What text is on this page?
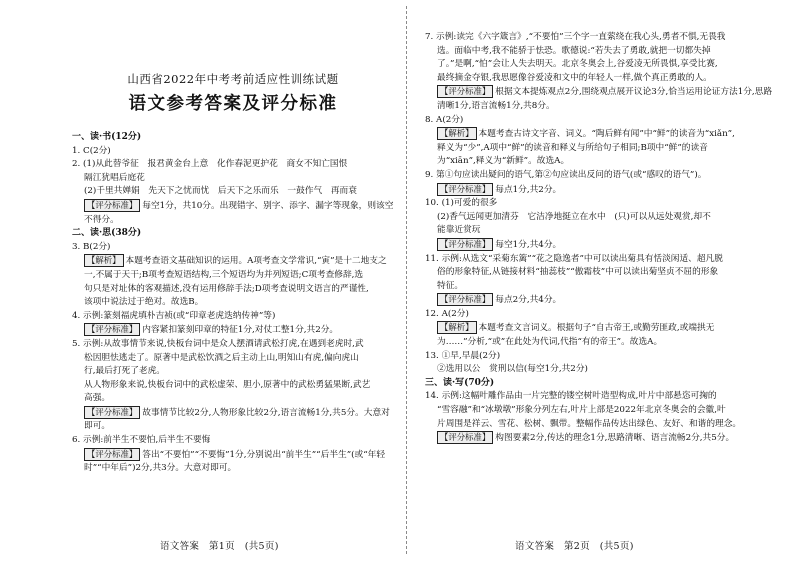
山西省2022年中考考前适应性训练试题
语文参考答案及评分标准
一、读·书(12分)
1. C(2分)
2. (1)从此替爷征　报君黄金台上意　化作春泥更护花　商女不知亡国恨
隔江犹唱后庭花
(2)千里共婵娟　先天下之忧而忧　后天下之乐而乐　一鼓作气　再而衰
【评分标准】 每空1分，共10分。出现错字、别字、添字、漏字等现象，则该空不得分。
二、读·思(38分)
3. B(2分)
【解析】 本题考查语文基础知识的运用。A项考查文学常识,“寅”是十二地支之
一,不属于天干;B项考查短语结构,三个短语均为并列短语;C项考查修辞,选
句只是对址体的客观描述,没有运用修辞手法;D项考查说明文语言的严谨性,
该项中说法过于绝对。故选B。
4. 示例:篆刻福虎填朴吉祯(或“印章老虎迭纳传神”等)
【评分标准】 内容紧扣篆刻印章的特征1分,对仗工整1分,共2分。
5. 示例:从故事情节来说,快板台词中是众人摆酒请武松打虎,在遇到老虎时,武
松因胆怯逃走了。原著中是武松饮酒之后主动上山,明知山有虎,偏向虎山
行,最后打死了老虎。
从人物形象来说,快板台词中的武松虚荣、胆小,原著中的武松勇猛果断,武艺
高强。
【评分标准】 故事情节比较2分,人物形象比较2分,语言流畅1分,共5分。大意对即可。
6. 示例:前半生不要怕,后半生不要悔
【评分标准】 答出“不要怕”“不要悔”1分,分别说出“前半生”“后半生”(或“年轻
时”“中年后”)2分,共3分。大意对即可。
语文答案　第1页　(共5页)
7. 示例:读完《六字箴言》,“不要怕”三个字一直萦绕在我心头,勇者不惧,无畏我
选。面临中考,我不能骄于怯恐。歌德说:“若失去了勇敢,就把一切都失掉
了。”是啊,“怕”会让人失去明天。北京冬奥会上,谷爱凌无所畏惧,享受比赛,
最终摘金夺银,我思愿像谷爱凌和文中的年轻人一样,做个真正勇敢的人。
【评分标准】 根据文本提炼观点2分,围绕观点展开议论3分,恰当运用论证方法1分,思路清晰1分,语言流畅1分,共8分。
8. A(2分)
【解析】 本题考查古诗文字音、词义。“陶后鲜有闻”中“鲜”的读音为“xiǎn”,
释义为“少”,A项中“鲜”的读音和释义与所给句子相同;B项中“鲜”的读音
为“xiān”,释义为“新鲜”。故选A。
9. 第①句应读出疑问的语气,第②句应读出反问的语气(或“感叹的语气”)。
【评分标准】 每点1分,共2分。
10. (1)可爱的很多
(2)香气远闻更加清芬　它洁净地挺立在水中　(只)可以从远处观赏,却不
能靠近赏玩
【评分标准】 每空1分,共4分。
11. 示例:从选文“采菊东篱”“花之隐逸者”中可以读出菊具有恬淡闲适、超凡脱
俗的形象特征,从链接材料“抽蕊枝”“傲霜枝”中可以读出菊坚贞不屈的形象
特征。
【评分标准】 每点2分,共4分。
12. A(2分)
【解析】 本题考查文言词义。根据句子“自古帝王,或勤劳匪政,或端拱无
为……”分析,“或”在此处为代词,代指“有的帝王”。故选A。
13. ①早,早晨(2分)
②选用以公　赏刑以信(每空1分,共2分)
三、读·写(70分)
14. 示例:这幅叶雕作品由一片完整的镂空树叶造型构成,叶片中部悬恣可掬的
“雪容融”和“冰墩墩”形象分列左右,叶片上部是2022年北京冬奥会的会徽,叶
片周围是祥云、雪花、松树、飘带。整幅作品传达出绿色、友好、和谐的理念。
【评分标准】 构图要素2分,传达的理念1分,思路清晰、语言流畅2分,共5分。
语文答案　第2页　(共5页)
